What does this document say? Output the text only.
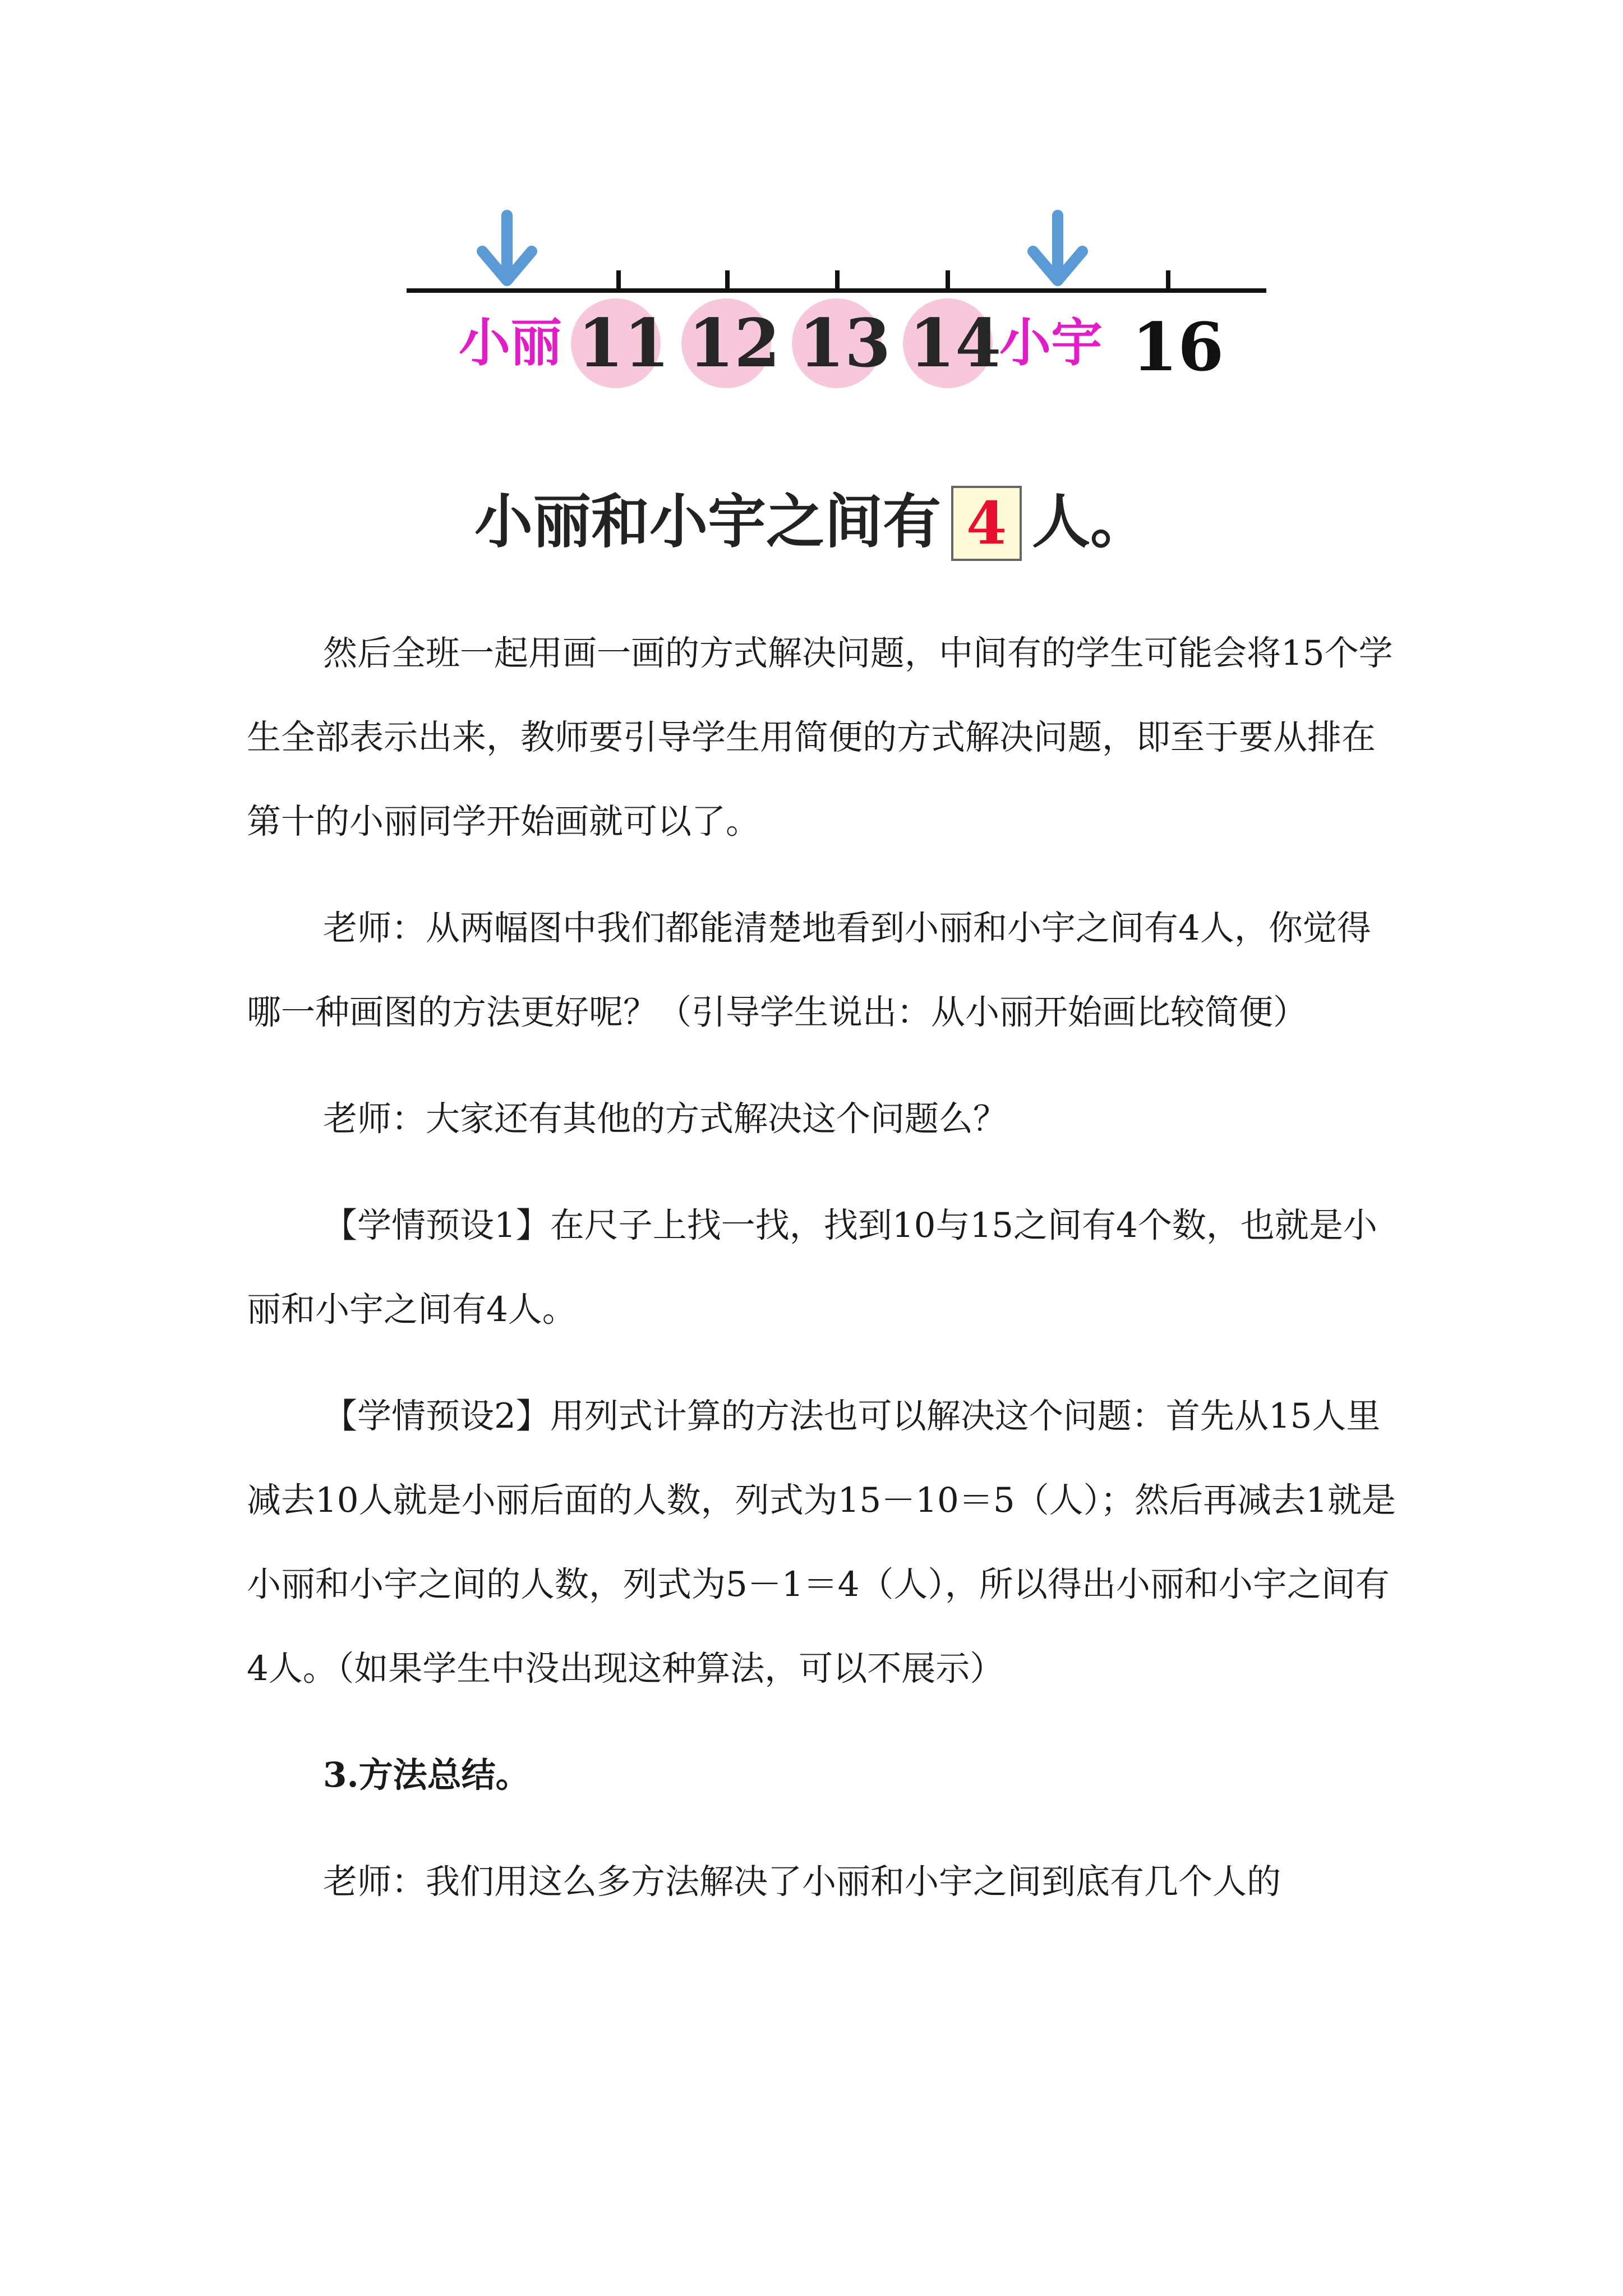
小丽 11 12 13 14
小宇 16
小丽和小宇之间有 4 人。

然后全班一起用画一画的方式解决问题，中间有的学生可能会将15个学生全部表示出来，教师要引导学生用简便的方式解决问题，即至于要从排在第十的小丽同学开始画就可以了。

老师：从两幅图中我们都能清楚地看到小丽和小宇之间有4人，你觉得哪一种画图的方法更好呢？（引导学生说出：从小丽开始画比较简便）

老师：大家还有其他的方式解决这个问题么？

【学情预设1】在尺子上找一找，找到10与15之间有4个数，也就是小丽和小宇之间有4人。

【学情预设2】用列式计算的方法也可以解决这个问题：首先从15人里减去10人就是小丽后面的人数，列式为15－10＝5（人）；然后再减去1就是小丽和小宇之间的人数，列式为5－1＝4（人），所以得出小丽和小宇之间有4人。（如果学生中没出现这种算法，可以不展示）

3.方法总结。

老师：我们用这么多方法解决了小丽和小宇之间到底有几个人的
